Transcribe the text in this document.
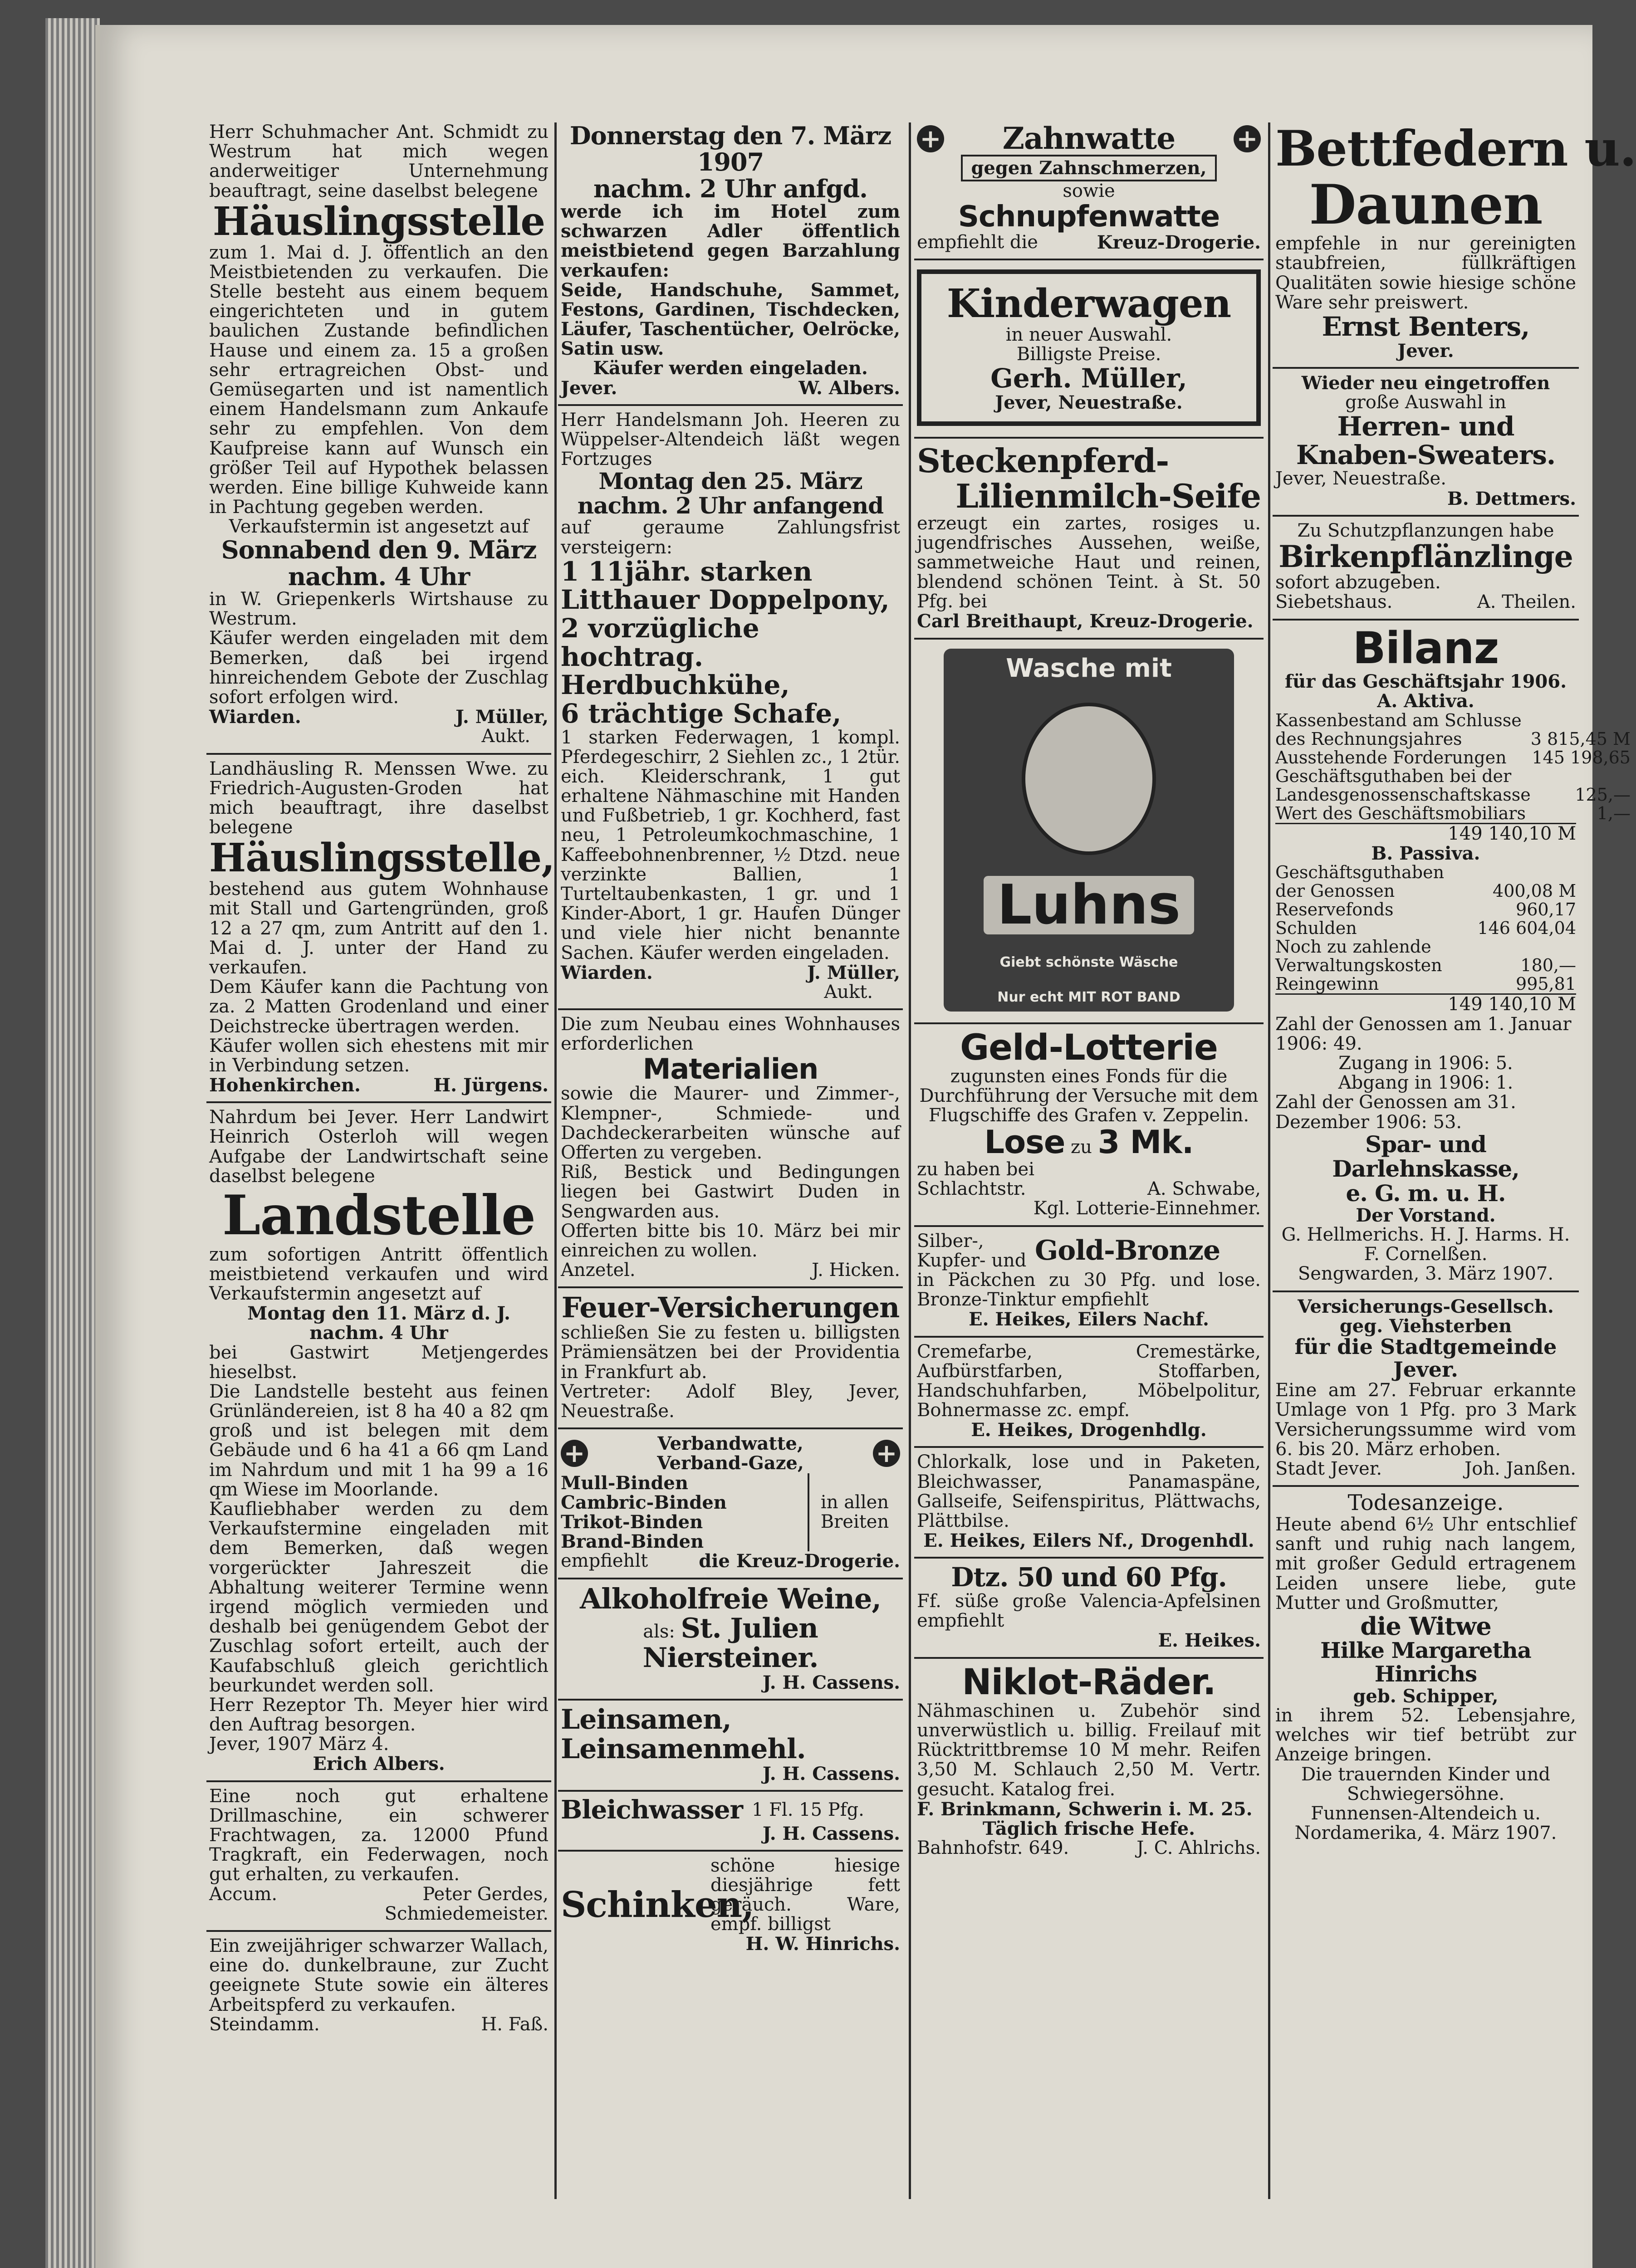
Herr Schuhmacher Ant. Schmidt zu Westrum hat mich wegen anderweitiger Unternehmung beauftragt, seine daselbst belegene
Häuslingsstelle
zum 1. Mai d. J. öffentlich an den Meistbietenden zu verkaufen. Die Stelle besteht aus einem bequem eingerichteten und in gutem baulichen Zustande befindlichen Hause und einem za. 15 a großen sehr ertragreichen Obst- und Gemüsegarten und ist namentlich einem Handelsmann zum Ankaufe sehr zu empfehlen. Von dem Kaufpreise kann auf Wunsch ein größer Teil auf Hypothek belassen werden. Eine billige Kuhweide kann in Pachtung gegeben werden.
Verkaufstermin ist angesetzt auf
Sonnabend den 9. März
nachm. 4 Uhr
in W. Griepenkerls Wirtshause zu Westrum.
Käufer werden eingeladen mit dem Bemerken, daß bei irgend hinreichendem Gebote der Zuschlag sofort erfolgen wird.
Wiarden.	J. Müller,
Aukt.
Landhäusling R. Menssen Wwe. zu Friedrich-Augusten-Groden hat mich beauftragt, ihre daselbst belegene
Häuslingsstelle,
bestehend aus gutem Wohnhause mit Stall und Gartengründen, groß 12 a 27 qm, zum Antritt auf den 1. Mai d. J. unter der Hand zu verkaufen.
Dem Käufer kann die Pachtung von za. 2 Matten Grodenland und einer Deichstrecke übertragen werden.
Käufer wollen sich ehestens mit mir in Verbindung setzen.
Hohenkirchen.	H. Jürgens.
Nahrdum bei Jever. Herr Landwirt Heinrich Osterloh will wegen Aufgabe der Landwirtschaft seine daselbst belegene
Landstelle
zum sofortigen Antritt öffentlich meistbietend verkaufen und wird Verkaufstermin angesetzt auf
Montag den 11. März d. J. nachm. 4 Uhr
bei Gastwirt Metjengerdes hieselbst.
Die Landstelle besteht aus feinen Grünländereien, ist 8 ha 40 a 82 qm groß und ist belegen mit dem Gebäude und 6 ha 41 a 66 qm Land im Nahrdum und mit 1 ha 99 a 16 qm Wiese im Moorlande.
Kaufliebhaber werden zu dem Verkaufstermine eingeladen mit dem Bemerken, daß wegen vorgerückter Jahreszeit die Abhaltung weiterer Termine wenn irgend möglich vermieden und deshalb bei genügendem Gebot der Zuschlag sofort erteilt, auch der Kaufabschluß gleich gerichtlich beurkundet werden soll.
Herr Rezeptor Th. Meyer hier wird den Auftrag besorgen.
Jever, 1907 März 4.
Erich Albers.
Eine noch gut erhaltene Drillmaschine, ein schwerer Frachtwagen, za. 12000 Pfund Tragkraft, ein Federwagen, noch gut erhalten, zu verkaufen.
Accum.	Peter Gerdes,
Schmiedemeister.
Ein zweijähriger schwarzer Wallach, eine do. dunkelbraune, zur Zucht geeignete Stute sowie ein älteres Arbeitspferd zu verkaufen.
Steindamm.	H. Faß.
Donnerstag den 7. März 1907
nachm. 2 Uhr anfgd.
werde ich im Hotel zum schwarzen Adler öffentlich meistbietend gegen Barzahlung verkaufen:
Seide, Handschuhe, Sammet, Festons, Gardinen, Tischdecken, Läufer, Taschentücher, Oelröcke, Satin usw.
Käufer werden eingeladen.
Jever.	W. Albers.
Herr Handelsmann Joh. Heeren zu Wüppelser-Altendeich läßt wegen Fortzuges
Montag den 25. März
nachm. 2 Uhr anfangend
auf geraume Zahlungsfrist versteigern:
1 11jähr. starken Litthauer Doppelpony,
2 vorzügliche hochtrag. Herdbuchkühe,
6 trächtige Schafe,
1 starken Federwagen, 1 kompl. Pferdegeschirr, 2 Siehlen zc., 1 2tür. eich. Kleiderschrank, 1 gut erhaltene Nähmaschine mit Handen und Fußbetrieb, 1 gr. Kochherd, fast neu, 1 Petroleumkochmaschine, 1 Kaffeebohnenbrenner, ½ Dtzd. neue verzinkte Ballien, 1 Turteltaubenkasten, 1 gr. und 1 Kinder-Abort, 1 gr. Haufen Dünger und viele hier nicht benannte Sachen. Käufer werden eingeladen.
Wiarden.	J. Müller,
Aukt.
Die zum Neubau eines Wohnhauses erforderlichen
Materialien
sowie die Maurer- und Zimmer-, Klempner-, Schmiede- und Dachdeckerarbeiten wünsche auf Offerten zu vergeben.
Riß, Bestick und Bedingungen liegen bei Gastwirt Duden in Sengwarden aus.
Offerten bitte bis 10. März bei mir einreichen zu wollen.
Anzetel.	J. Hicken.
Feuer-Versicherungen
schließen Sie zu festen u. billigsten Prämiensätzen bei der Providentia in Frankfurt ab.
Vertreter: Adolf Bley, Jever, Neuestraße.
+	Verbandwatte,
Verband-Gaze,	+
Mull-Binden
Cambric-Binden
Trikot-Binden
Brand-Binden
in allen Breiten
empfiehlt	die Kreuz-Drogerie.
Alkoholfreie Weine,
als: St. Julien
Niersteiner.
J. H. Cassens.
Leinsamen,
Leinsamenmehl.
J. H. Cassens.
Bleichwasser 1 Fl. 15 Pfg.
J. H. Cassens.
Schinken,
schöne hiesige diesjährige fett geräuch. Ware, empf. billigst
H. W. Hinrichs.
+ Zahnwatte +
gegen Zahnschmerzen,
sowie
Schnupfenwatte
empfiehlt die	Kreuz-Drogerie.
Kinderwagen
in neuer Auswahl.
Billigste Preise.
Gerh. Müller,
Jever, Neuestraße.
Steckenpferd-
Lilienmilch-Seife
erzeugt ein zartes, rosiges u. jugendfrisches Aussehen, weiße, sammetweiche Haut und reinen, blendend schönen Teint. à St. 50 Pfg. bei
Carl Breithaupt, Kreuz-Drogerie.
Wasche mit
Luhns
Giebt schönste Wäsche
Nur echt MIT ROT BAND
Geld-Lotterie
zugunsten eines Fonds für die Durchführung der Versuche mit dem Flugschiffe des Grafen v. Zeppelin.
Lose zu 3 Mk.
zu haben bei
Schlachtstr.	A. Schwabe,
Kgl. Lotterie-Einnehmer.
Silber-, Kupfer- und Gold-Bronze
in Päckchen zu 30 Pfg. und lose. Bronze-Tinktur empfiehlt
E. Heikes, Eilers Nachf.
Cremefarbe, Cremestärke, Aufbürstfarben, Stoffarben, Handschuhfarben, Möbelpolitur, Bohnermasse zc. empf.
E. Heikes, Drogenhdlg.
Chlorkalk, lose und in Paketen, Bleichwasser, Panamaspäne, Gallseife, Seifenspiritus, Plättwachs, Plättbilse.
E. Heikes, Eilers Nf., Drogenhdl.
Dtz. 50 und 60 Pfg.
Ff. süße große Valencia-Apfelsinen empfiehlt
E. Heikes.
Niklot-Räder.
Nähmaschinen u. Zubehör sind unverwüstlich u. billig. Freilauf mit Rücktrittbremse 10 M mehr. Reifen 3,50 M. Schlauch 2,50 M. Vertr. gesucht. Katalog frei.
F. Brinkmann, Schwerin i. M. 25.
Täglich frische Hefe.
Bahnhofstr. 649.	J. C. Ahlrichs.
Bettfedern u.
Daunen
empfehle in nur gereinigten staubfreien, füllkräftigen Qualitäten sowie hiesige schöne Ware sehr preiswert.
Ernst Benters,
Jever.
Wieder neu eingetroffen
große Auswahl in
Herren- und Knaben-Sweaters.
Jever, Neuestraße.
B. Dettmers.
Zu Schutzpflanzungen habe
Birkenpflänzlinge
sofort abzugeben.
Siebetshaus.	A. Theilen.
Bilanz
für das Geschäftsjahr 1906.
A. Aktiva.
Kassenbestand am Schlusse des Rechnungsjahres	3 815,45 M
Ausstehende Forderungen	145 198,65
Geschäftsguthaben bei der Landesgenossenschaftskasse	125,—
Wert des Geschäftsmobiliars	1,—
149 140,10 M
B. Passiva.
Geschäftsguthaben der Genossen	400,08 M
Reservefonds	960,17
Schulden	146 604,04
Noch zu zahlende Verwaltungskosten	180,—
Reingewinn	995,81
149 140,10 M
Zahl der Genossen am 1. Januar 1906: 49.
Zugang in 1906: 5.
Abgang in 1906: 1.
Zahl der Genossen am 31. Dezember 1906: 53.
Spar- und Darlehnskasse,
e. G. m. u. H.
Der Vorstand.
G. Hellmerichs. H. J. Harms. H. F. Cornelßen.
Sengwarden, 3. März 1907.
Versicherungs-Gesellsch. geg. Viehsterben
für die Stadtgemeinde Jever.
Eine am 27. Februar erkannte Umlage von 1 Pfg. pro 3 Mark Versicherungssumme wird vom 6. bis 20. März erhoben.
Stadt Jever.	Joh. Janßen.
Todesanzeige.
Heute abend 6½ Uhr entschlief sanft und ruhig nach langem, mit großer Geduld ertragenem Leiden unsere liebe, gute Mutter und Großmutter,
die Witwe
Hilke Margaretha Hinrichs
geb. Schipper,
in ihrem 52. Lebensjahre, welches wir tief betrübt zur Anzeige bringen.
Die trauernden Kinder und Schwiegersöhne.
Funnensen-Altendeich u. Nordamerika, 4. März 1907.
